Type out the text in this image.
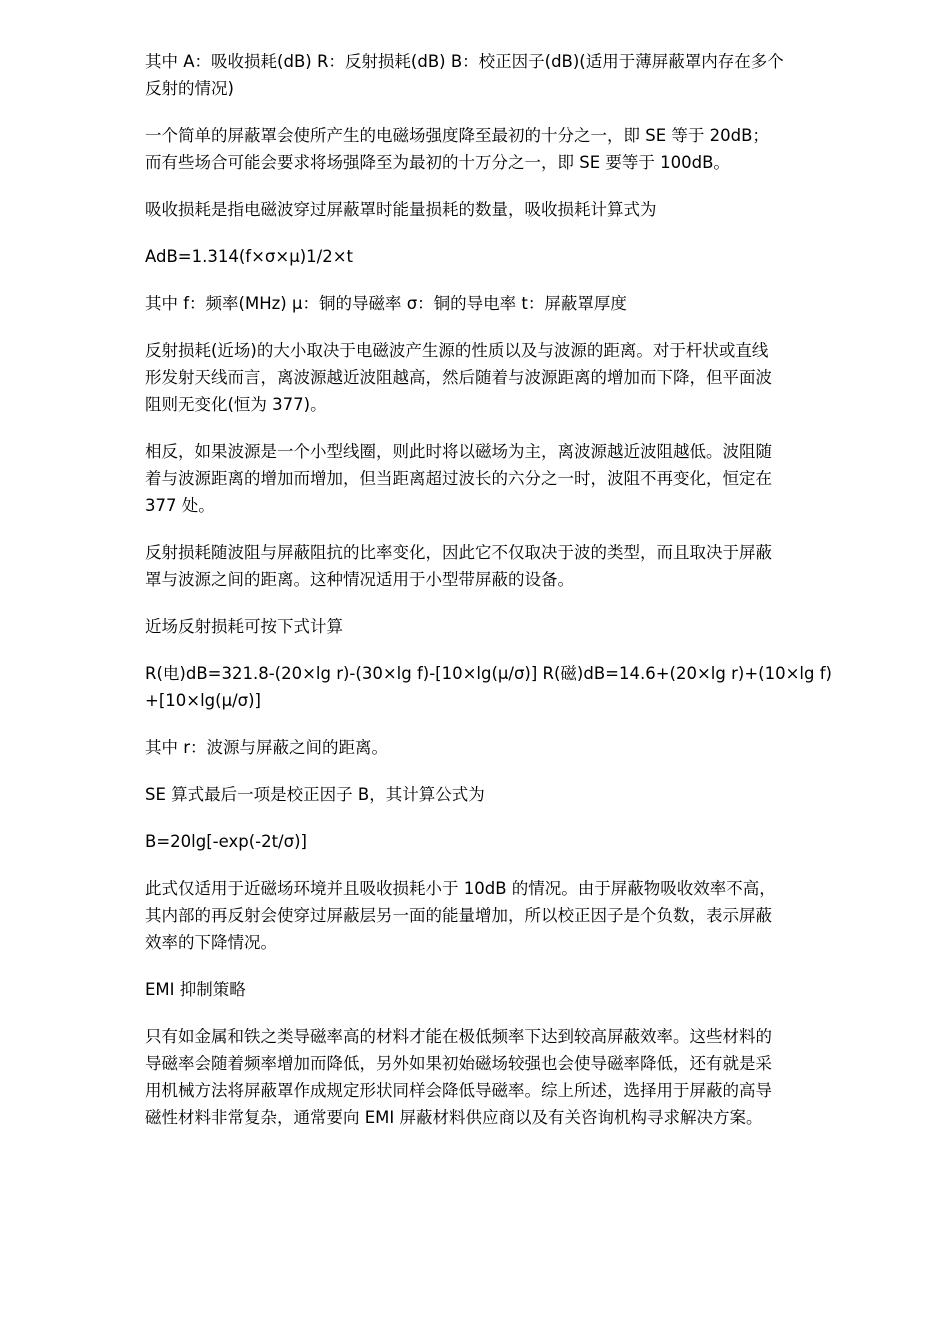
其中 A：吸收损耗(dB) R：反射损耗(dB) B：校正因子(dB)(适用于薄屏蔽罩内存在多个
反射的情况)

一个简单的屏蔽罩会使所产生的电磁场强度降至最初的十分之一，即 SE 等于 20dB；
而有些场合可能会要求将场强降至为最初的十万分之一，即 SE 要等于 100dB。

吸收损耗是指电磁波穿过屏蔽罩时能量损耗的数量，吸收损耗计算式为

AdB=1.314(f×σ×μ)1/2×t

其中 f：频率(MHz) μ：铜的导磁率 σ：铜的导电率 t：屏蔽罩厚度

反射损耗(近场)的大小取决于电磁波产生源的性质以及与波源的距离。对于杆状或直线
形发射天线而言，离波源越近波阻越高，然后随着与波源距离的增加而下降，但平面波
阻则无变化(恒为 377)。

相反，如果波源是一个小型线圈，则此时将以磁场为主，离波源越近波阻越低。波阻随
着与波源距离的增加而增加，但当距离超过波长的六分之一时，波阻不再变化，恒定在
377 处。

反射损耗随波阻与屏蔽阻抗的比率变化，因此它不仅取决于波的类型，而且取决于屏蔽
罩与波源之间的距离。这种情况适用于小型带屏蔽的设备。

近场反射损耗可按下式计算

R(电)dB=321.8-(20×lg r)-(30×lg f)-[10×lg(μ/σ)] R(磁)dB=14.6+(20×lg r)+(10×lg f)
+[10×lg(μ/σ)]

其中 r：波源与屏蔽之间的距离。

SE 算式最后一项是校正因子 B，其计算公式为

B=20lg[-exp(-2t/σ)]

此式仅适用于近磁场环境并且吸收损耗小于 10dB 的情况。由于屏蔽物吸收效率不高，
其内部的再反射会使穿过屏蔽层另一面的能量增加，所以校正因子是个负数，表示屏蔽
效率的下降情况。

EMI 抑制策略

只有如金属和铁之类导磁率高的材料才能在极低频率下达到较高屏蔽效率。这些材料的
导磁率会随着频率增加而降低，另外如果初始磁场较强也会使导磁率降低，还有就是采
用机械方法将屏蔽罩作成规定形状同样会降低导磁率。综上所述，选择用于屏蔽的高导
磁性材料非常复杂，通常要向 EMI 屏蔽材料供应商以及有关咨询机构寻求解决方案。
